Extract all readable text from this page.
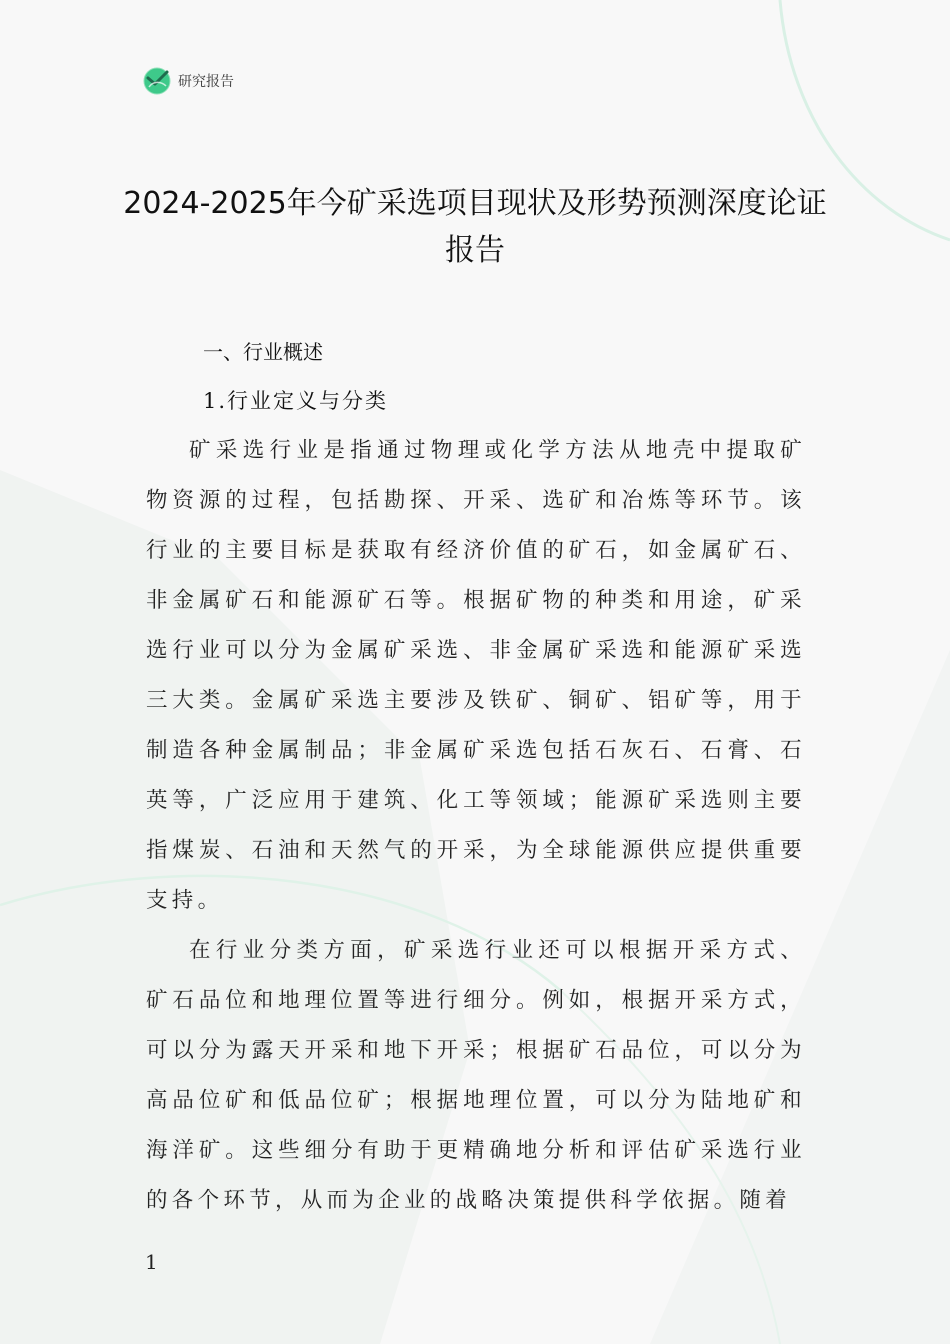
研究报告
2024-2025年今矿采选项目现状及形势预测深度论证报告
一、行业概述
1.行业定义与分类

矿采选行业是指通过物理或化学方法从地壳中提取矿物资源的过程，包括勘探、开采、选矿和冶炼等环节。该行业的主要目标是获取有经济价值的矿石，如金属矿石、非金属矿石和能源矿石等。根据矿物的种类和用途，矿采选行业可以分为金属矿采选、非金属矿采选和能源矿采选三大类。金属矿采选主要涉及铁矿、铜矿、铝矿等，用于制造各种金属制品；非金属矿采选包括石灰石、石膏、石英等，广泛应用于建筑、化工等领域；能源矿采选则主要指煤炭、石油和天然气的开采，为全球能源供应提供重要支持。

在行业分类方面，矿采选行业还可以根据开采方式、矿石品位和地理位置等进行细分。例如，根据开采方式，可以分为露天开采和地下开采；根据矿石品位，可以分为高品位矿和低品位矿；根据地理位置，可以分为陆地矿和海洋矿。这些细分有助于更精确地分析和评估矿采选行业的各个环节，从而为企业的战略决策提供科学依据。随着

1
